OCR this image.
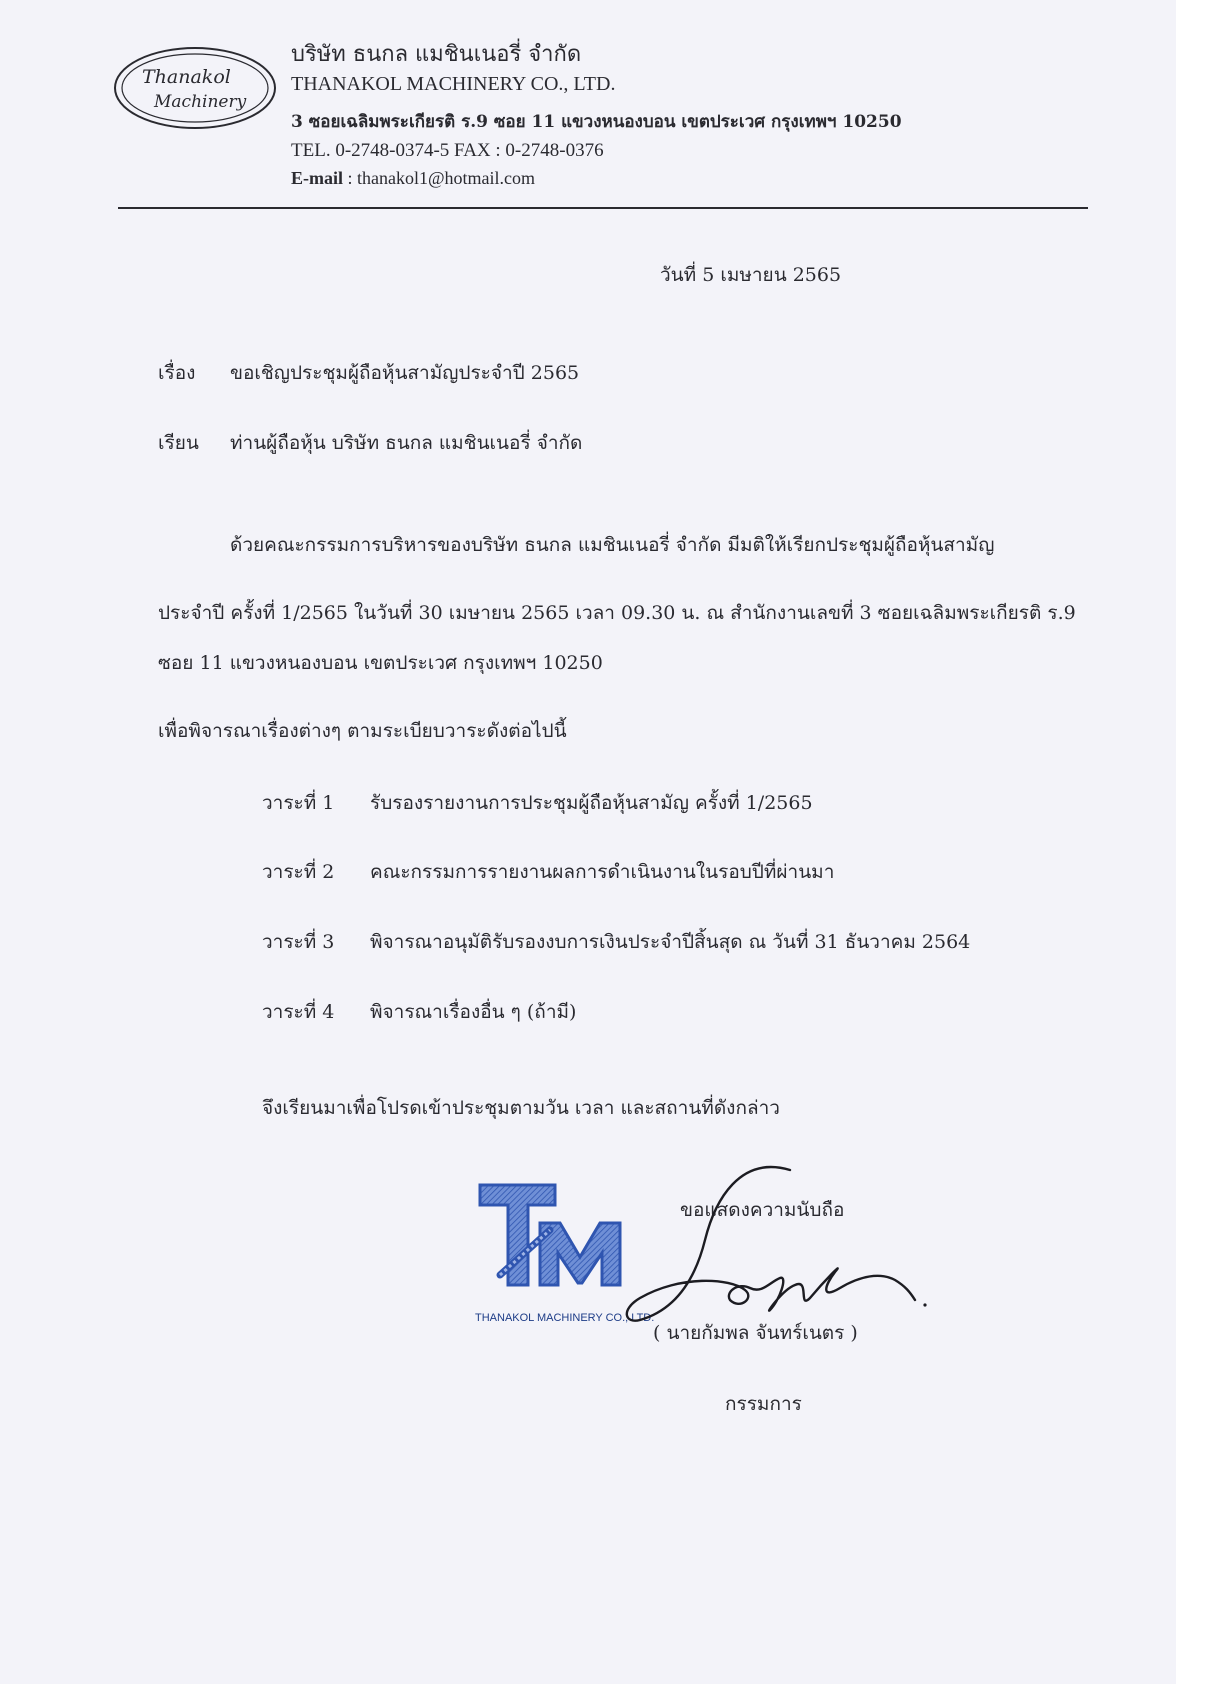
Thanakol
Machinery
บริษัท ธนกล แมชินเนอรี่ จำกัด
THANAKOL MACHINERY CO., LTD.
3 ซอยเฉลิมพระเกียรติ ร.9 ซอย 11 แขวงหนองบอน เขตประเวศ กรุงเทพฯ 10250
TEL. 0-2748-0374-5 FAX : 0-2748-0376
E-mail : thanakol1@hotmail.com
วันที่ 5 เมษายน 2565
เรื่อง ขอเชิญประชุมผู้ถือหุ้นสามัญประจำปี 2565
เรียน ท่านผู้ถือหุ้น บริษัท ธนกล แมชินเนอรี่ จำกัด
ด้วยคณะกรรมการบริหารของบริษัท ธนกล แมชินเนอรี่ จำกัด มีมติให้เรียกประชุมผู้ถือหุ้นสามัญ
ประจำปี ครั้งที่ 1/2565 ในวันที่ 30 เมษายน 2565 เวลา 09.30 น. ณ สำนักงานเลขที่ 3 ซอยเฉลิมพระเกียรติ ร.9
ซอย 11 แขวงหนองบอน เขตประเวศ กรุงเทพฯ 10250
เพื่อพิจารณาเรื่องต่างๆ ตามระเบียบวาระดังต่อไปนี้
วาระที่ 1 รับรองรายงานการประชุมผู้ถือหุ้นสามัญ ครั้งที่ 1/2565
วาระที่ 2 คณะกรรมการรายงานผลการดำเนินงานในรอบปีที่ผ่านมา
วาระที่ 3 พิจารณาอนุมัติรับรองงบการเงินประจำปีสิ้นสุด ณ วันที่ 31 ธันวาคม 2564
วาระที่ 4 พิจารณาเรื่องอื่น ๆ (ถ้ามี)
จึงเรียนมาเพื่อโปรดเข้าประชุมตามวัน เวลา และสถานที่ดังกล่าว
TM
THANAKOL MACHINERY CO., LTD.
ขอแสดงความนับถือ
( นายกัมพล จันทร์เนตร )
กรรมการ
